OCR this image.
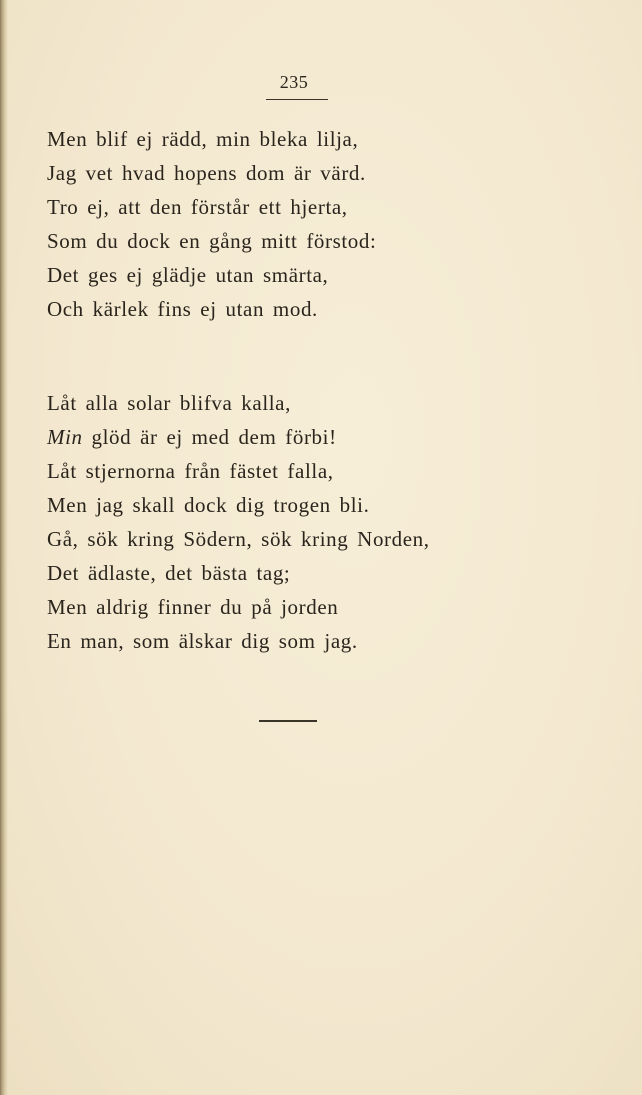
235
Men blif ej rädd, min bleka lilja,
Jag vet hvad hopens dom är värd.
Tro ej, att den förstår ett hjerta,
Som du dock en gång mitt förstod:
Det ges ej glädje utan smärta,
Och kärlek fins ej utan mod.
Låt alla solar blifva kalla,
Min glöd är ej med dem förbi!
Låt stjernorna från fästet falla,
Men jag skall dock dig trogen bli.
Gå, sök kring Södern, sök kring Norden,
Det ädlaste, det bästa tag;
Men aldrig finner du på jorden
En man, som älskar dig som jag.
